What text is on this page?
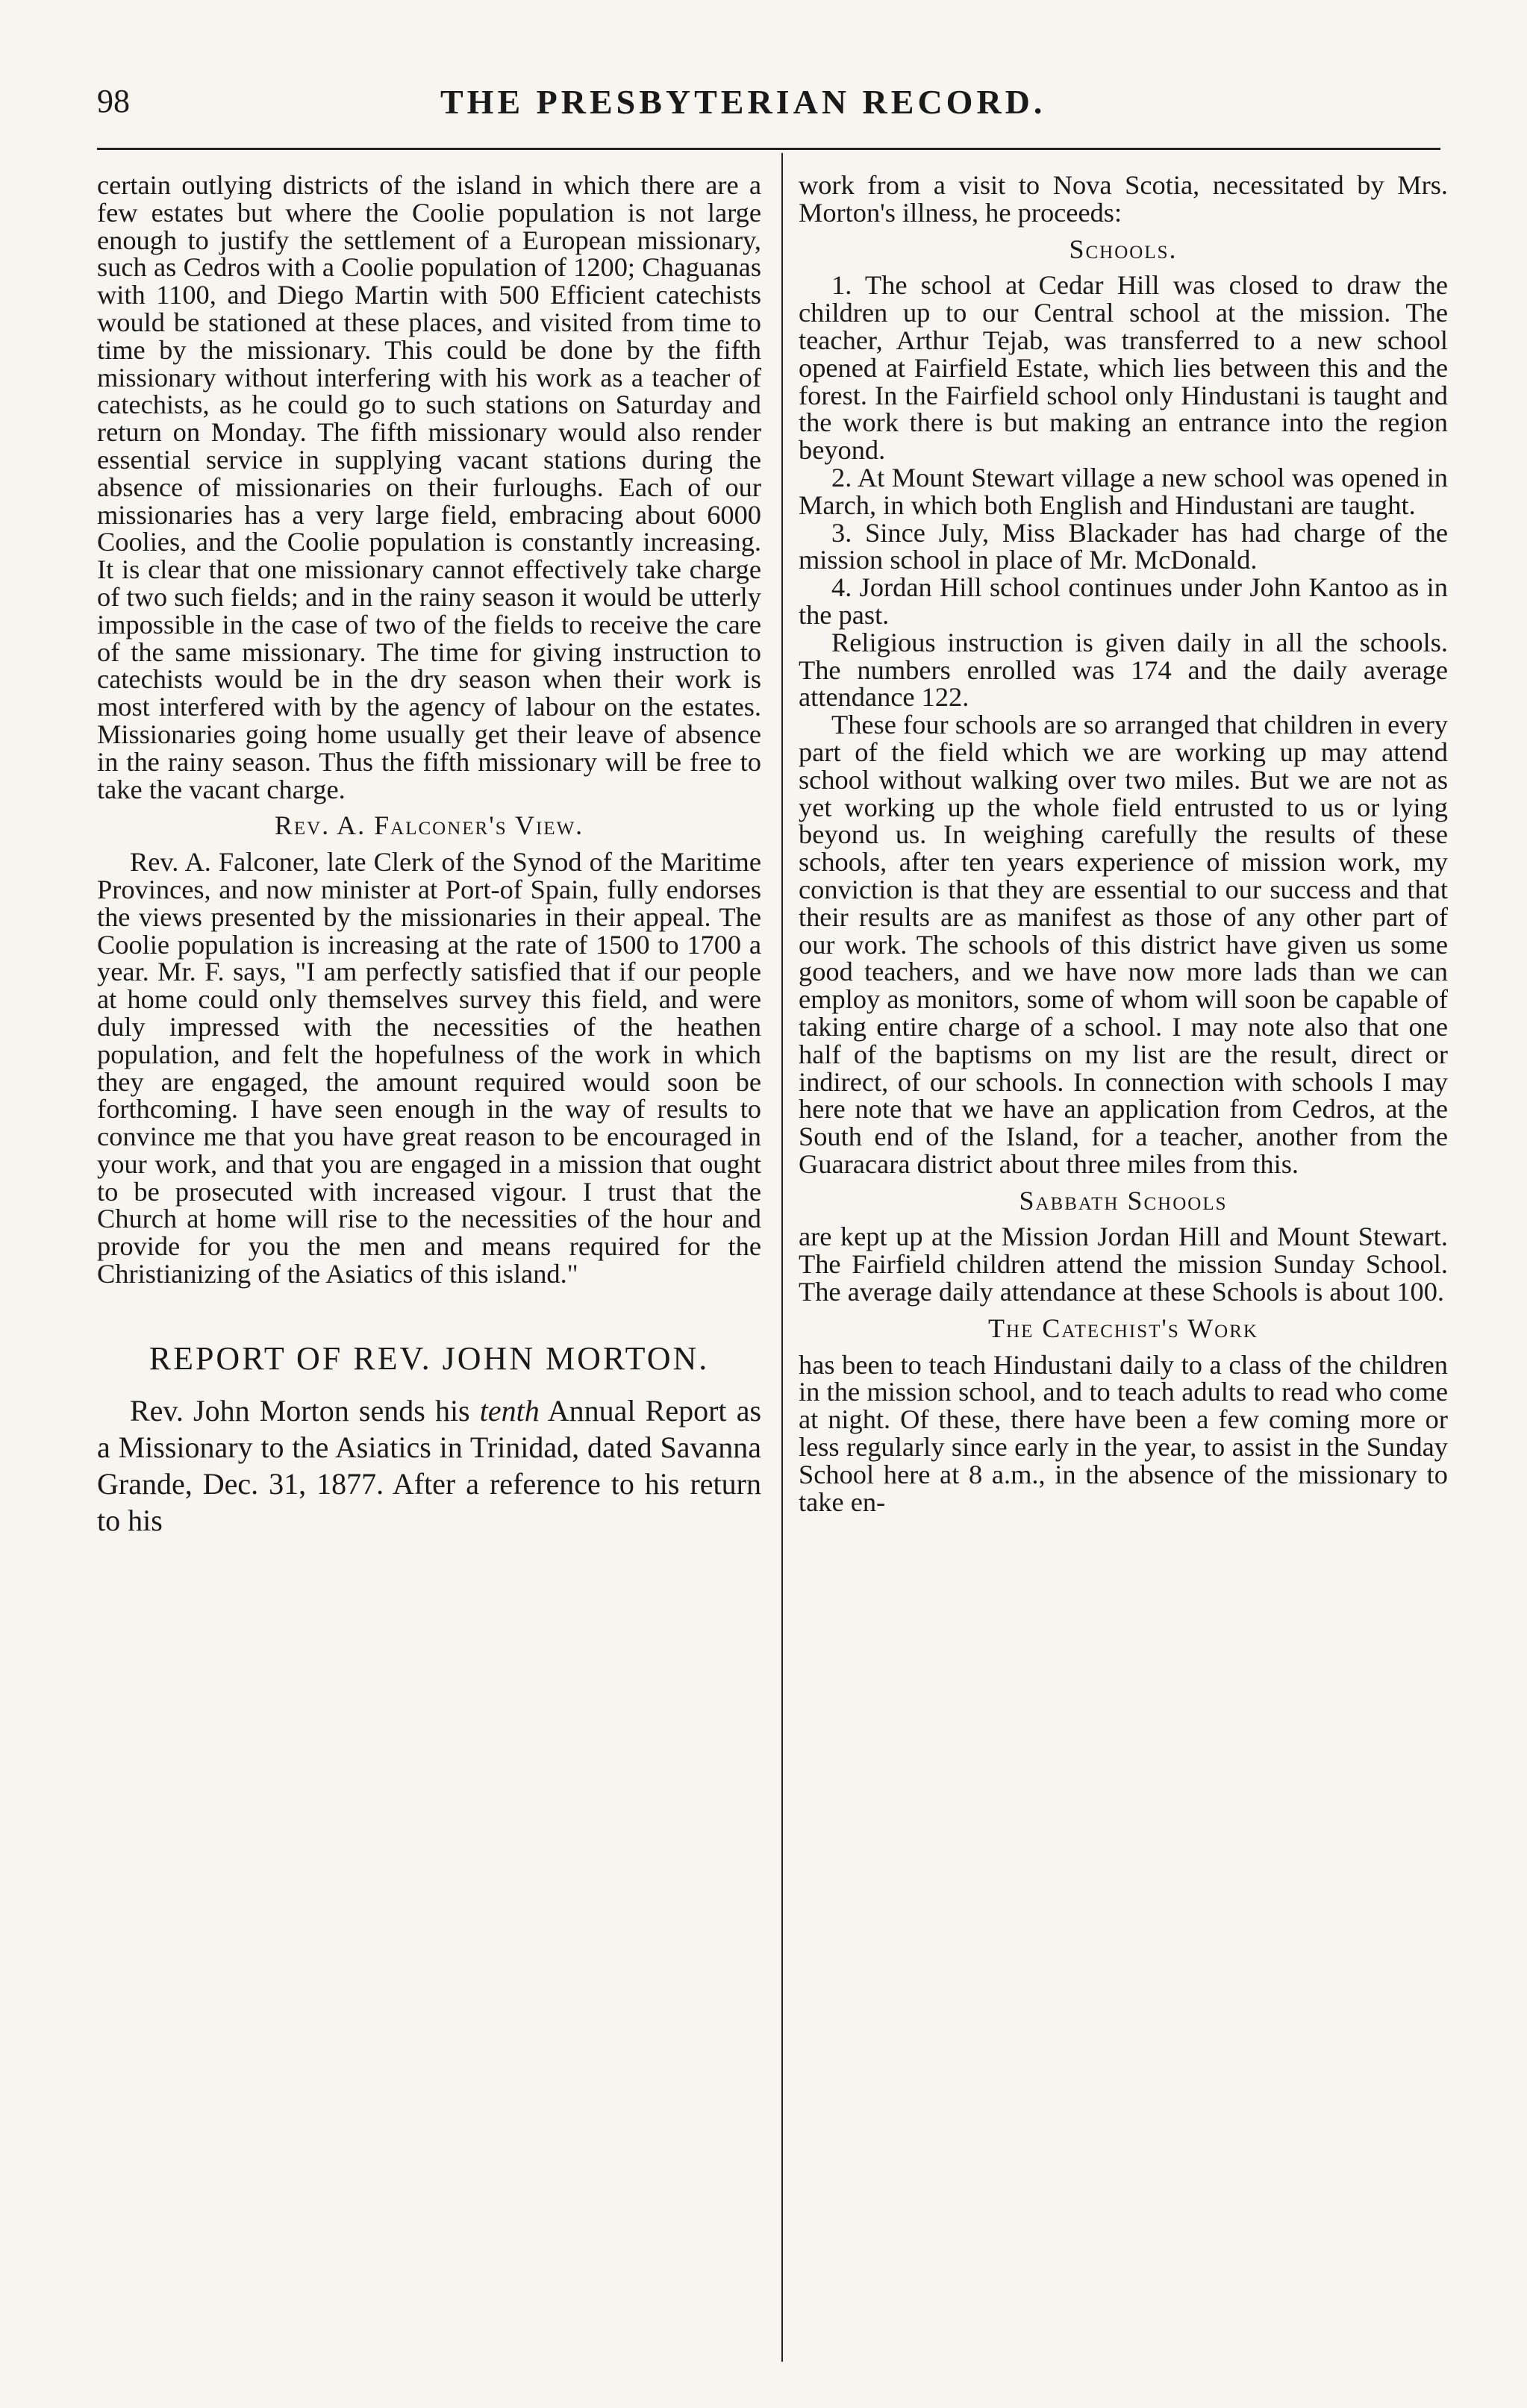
98	THE PRESBYTERIAN RECORD.

certain outlying districts of the island in which there are a few estates but where the Coolie population is not large enough to justify the settlement of a European missionary, such as Cedros with a Coolie population of 1200; Chaguanas with 1100, and Diego Martin with 500 Efficient catechists would be stationed at these places, and visited from time to time by the missionary. This could be done by the fifth missionary without interfering with his work as a teacher of catechists, as he could go to such stations on Saturday and return on Monday. The fifth missionary would also render essential service in supplying vacant stations during the absence of missionaries on their furloughs. Each of our missionaries has a very large field, embracing about 6000 Coolies, and the Coolie population is constantly increasing. It is clear that one missionary cannot effectively take charge of two such fields; and in the rainy season it would be utterly impossible in the case of two of the fields to receive the care of the same missionary. The time for giving instruction to catechists would be in the dry season when their work is most interfered with by the agency of labour on the estates. Missionaries going home usually get their leave of absence in the rainy season. Thus the fifth missionary will be free to take the vacant charge.

Rev. A. Falconer's View.

Rev. A. Falconer, late Clerk of the Synod of the Maritime Provinces, and now minister at Port-of Spain, fully endorses the views presented by the missionaries in their appeal. The Coolie population is increasing at the rate of 1500 to 1700 a year. Mr. F. says, "I am perfectly satisfied that if our people at home could only themselves survey this field, and were duly impressed with the necessities of the heathen population, and felt the hopefulness of the work in which they are engaged, the amount required would soon be forthcoming. I have seen enough in the way of results to convince me that you have great reason to be encouraged in your work, and that you are engaged in a mission that ought to be prosecuted with increased vigour. I trust that the Church at home will rise to the necessities of the hour and provide for you the men and means required for the Christianizing of the Asiatics of this island."

REPORT OF REV. JOHN MORTON.

Rev. John Morton sends his tenth Annual Report as a Missionary to the Asiatics in Trinidad, dated Savanna Grande, Dec. 31, 1877. After a reference to his return to his

work from a visit to Nova Scotia, necessitated by Mrs. Morton's illness, he proceeds:

Schools.

1. The school at Cedar Hill was closed to draw the children up to our Central school at the mission. The teacher, Arthur Tejab, was transferred to a new school opened at Fairfield Estate, which lies between this and the forest. In the Fairfield school only Hindustani is taught and the work there is but making an entrance into the region beyond.

2. At Mount Stewart village a new school was opened in March, in which both English and Hindustani are taught.

3. Since July, Miss Blackader has had charge of the mission school in place of Mr. McDonald.

4. Jordan Hill school continues under John Kantoo as in the past.

Religious instruction is given daily in all the schools. The numbers enrolled was 174 and the daily average attendance 122.

These four schools are so arranged that children in every part of the field which we are working up may attend school without walking over two miles. But we are not as yet working up the whole field entrusted to us or lying beyond us. In weighing carefully the results of these schools, after ten years experience of mission work, my conviction is that they are essential to our success and that their results are as manifest as those of any other part of our work. The schools of this district have given us some good teachers, and we have now more lads than we can employ as monitors, some of whom will soon be capable of taking entire charge of a school. I may note also that one half of the baptisms on my list are the result, direct or indirect, of our schools. In connection with schools I may here note that we have an application from Cedros, at the South end of the Island, for a teacher, another from the Guaracara district about three miles from this.

Sabbath Schools

are kept up at the Mission Jordan Hill and Mount Stewart. The Fairfield children attend the mission Sunday School. The average daily attendance at these Schools is about 100.

The Catechist's Work

has been to teach Hindustani daily to a class of the children in the mission school, and to teach adults to read who come at night. Of these, there have been a few coming more or less regularly since early in the year, to assist in the Sunday School here at 8 a.m., in the absence of the missionary to take en-
